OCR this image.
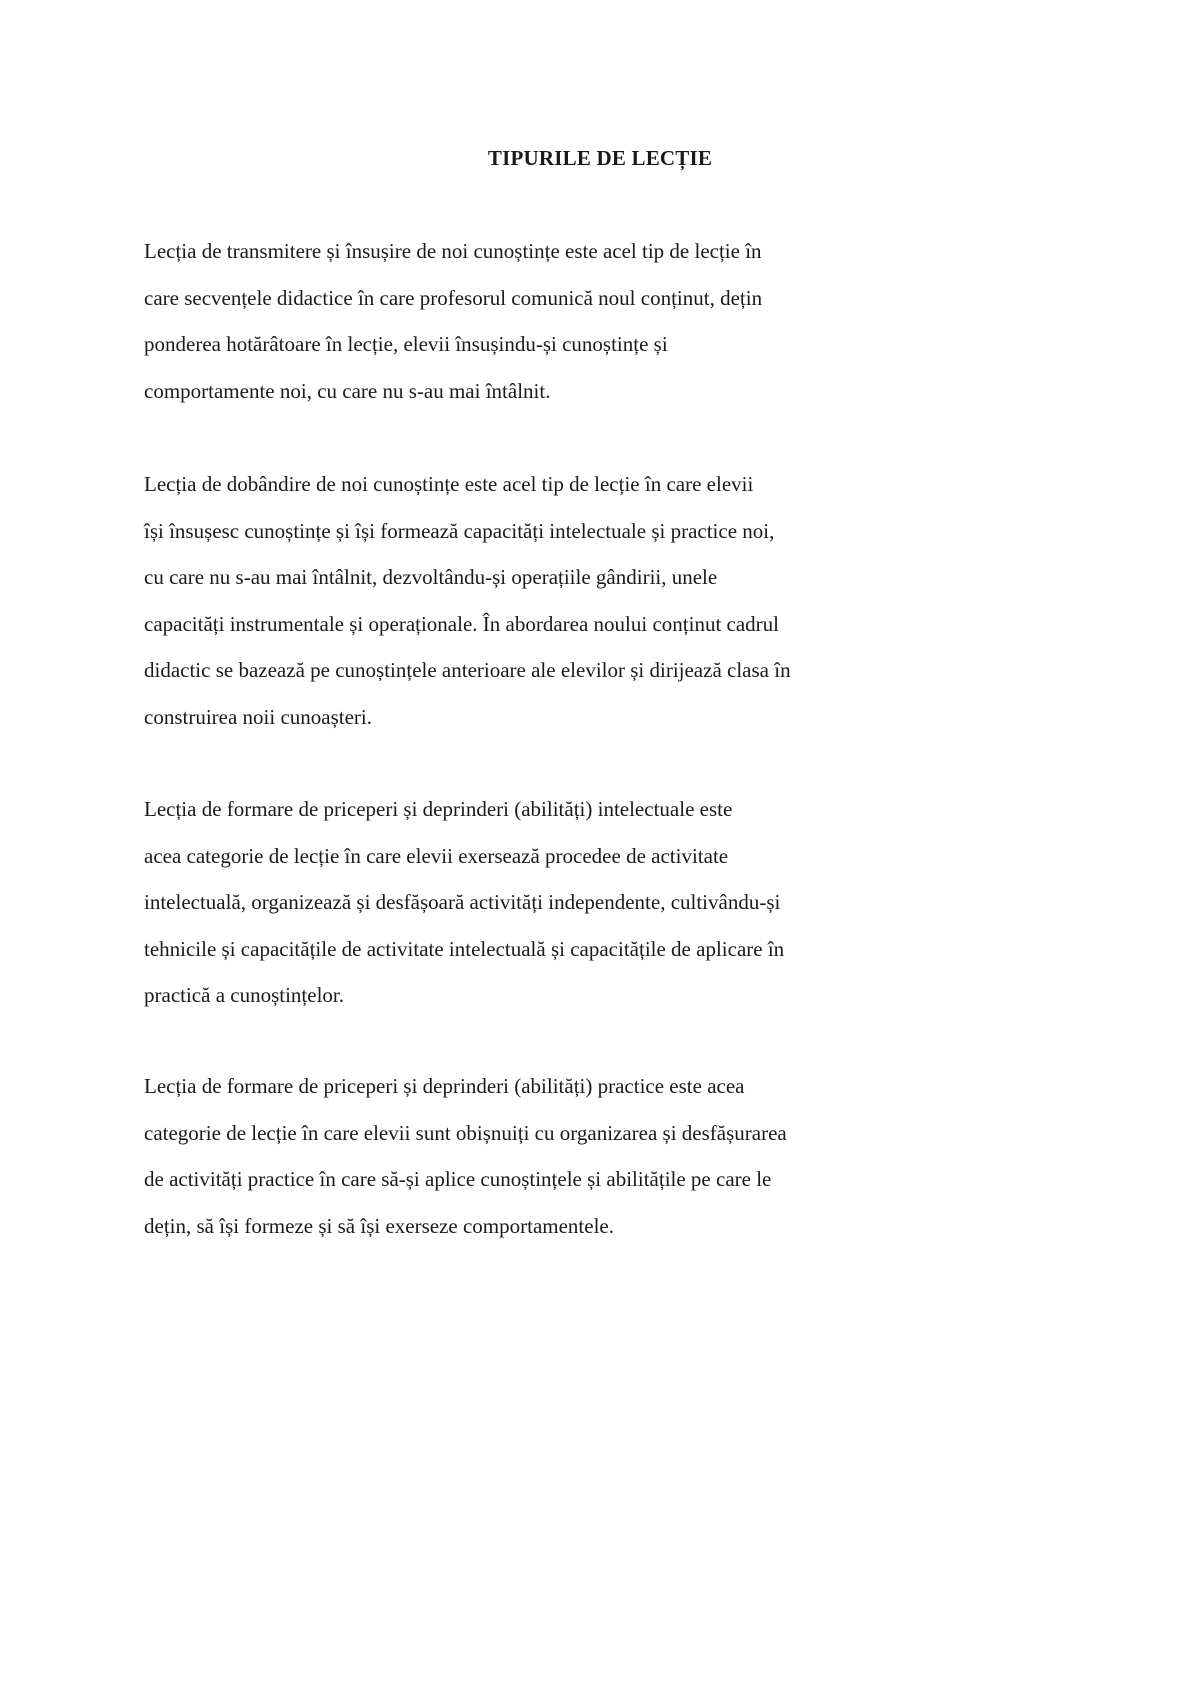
TIPURILE DE LECȚIE
Lecția de transmitere și însușire de noi cunoștințe este acel tip de lecție în
care secvențele didactice în care profesorul comunică noul conținut, dețin
ponderea hotărâtoare în lecție, elevii însușindu-și cunoștințe și
comportamente noi, cu care nu s-au mai întâlnit.
Lecția de dobândire de noi cunoștințe este acel tip de lecție în care elevii
își însușesc cunoștințe și își formează capacități intelectuale și practice noi,
cu care nu s-au mai întâlnit, dezvoltându-și operațiile gândirii, unele
capacități instrumentale și operaționale. În abordarea noului conținut cadrul
didactic se bazează pe cunoștințele anterioare ale elevilor și dirijează clasa în
construirea noii cunoașteri.
Lecția de formare de priceperi și deprinderi (abilități) intelectuale este
acea categorie de lecție în care elevii exersează procedee de activitate
intelectuală, organizează și desfășoară activități independente, cultivându-și
tehnicile și capacitățile de activitate intelectuală și capacitățile de aplicare în
practică a cunoștințelor.
Lecția de formare de priceperi și deprinderi (abilități) practice este acea
categorie de lecție în care elevii sunt obișnuiți cu organizarea și desfășurarea
de activități practice în care să-și aplice cunoștințele și abilitățile pe care le
dețin, să își formeze și să își exerseze comportamentele.
